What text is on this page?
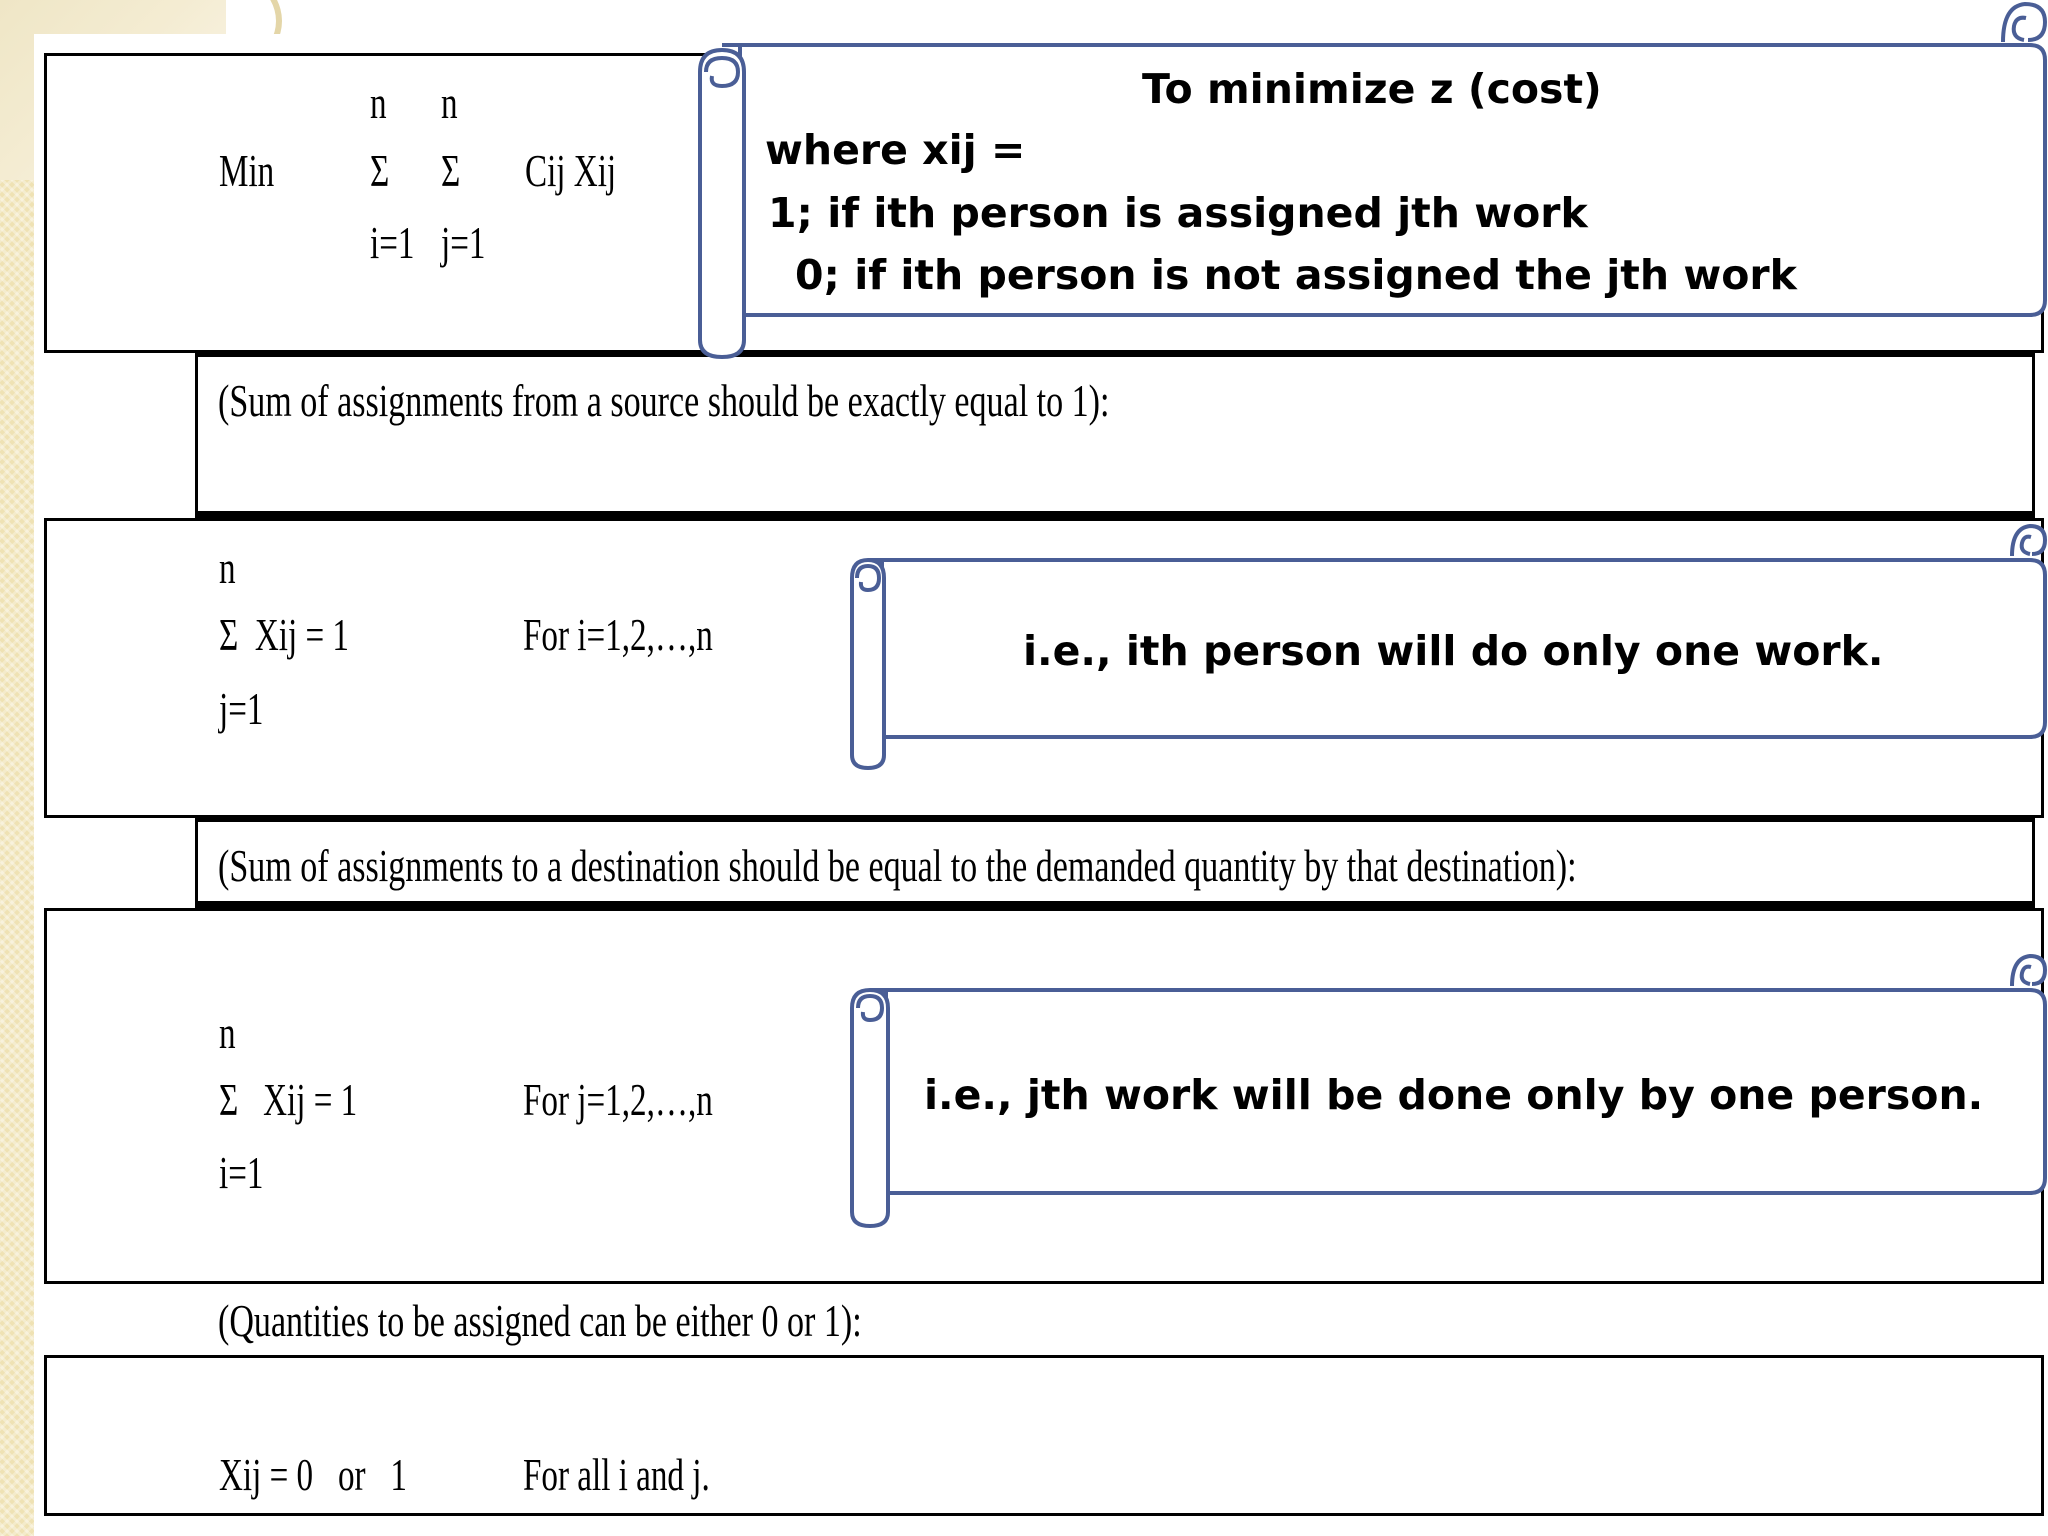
n n
Min Σ Σ Cij Xij
i=1 j=1
(Sum of assignments from a source should be exactly equal to 1):
n
Σ  Xij = 1	For i=1,2,…,n
j=1
(Sum of assignments to a destination should be equal to the demanded quantity by that destination):
n
Σ   Xij = 1	For j=1,2,…,n
i=1
(Quantities to be assigned can be either 0 or 1):
Xij = 0   or   1	For all i and j.
To minimize z (cost)
where xij =
1; if ith person is assigned jth work
0; if ith person is not assigned the jth work
i.e., ith person will do only one work.
i.e., jth work will be done only by one person.
